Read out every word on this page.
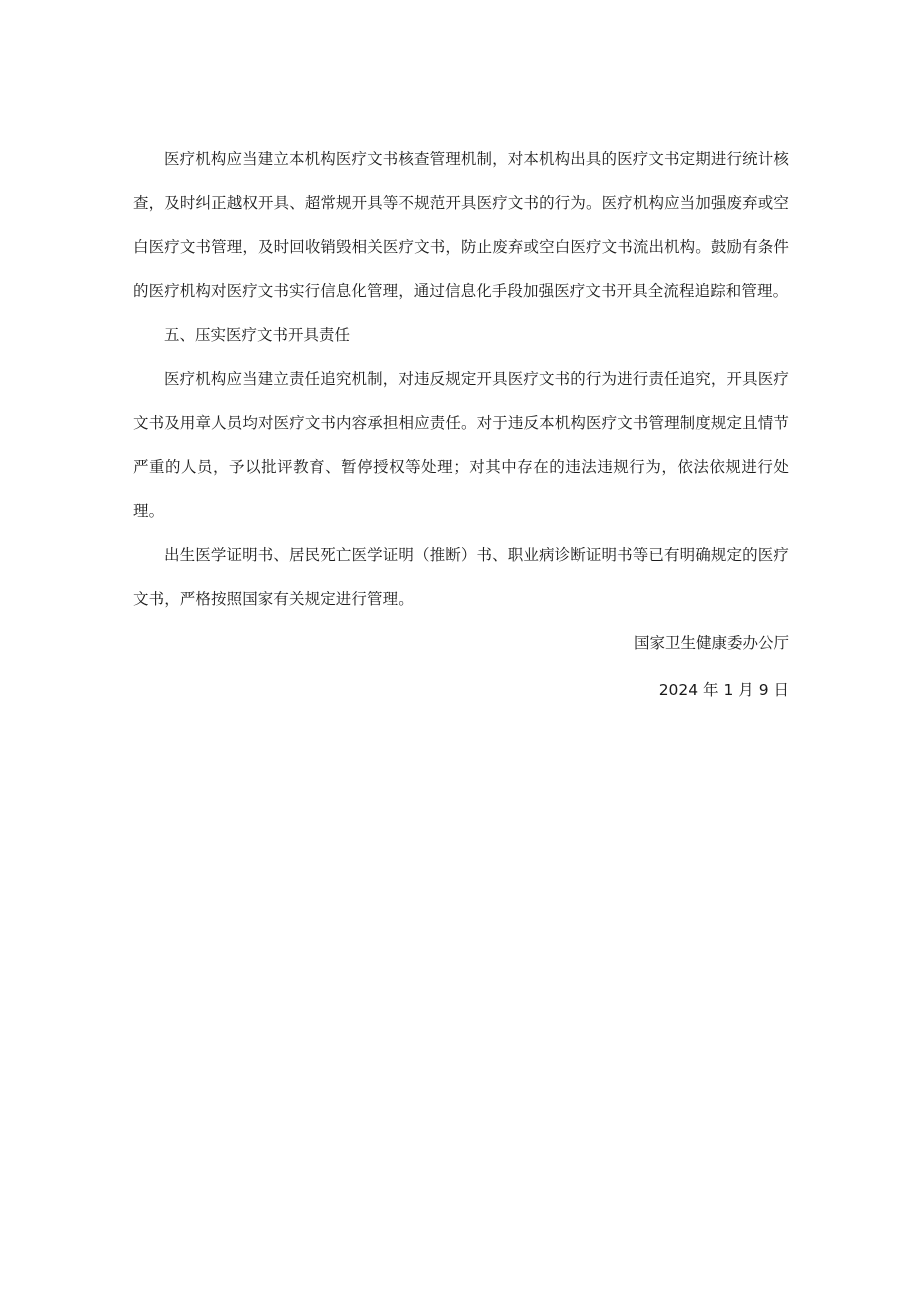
医疗机构应当建立本机构医疗文书核查管理机制，对本机构出具的医疗文书定期进行统计核查，及时纠正越权开具、超常规开具等不规范开具医疗文书的行为。医疗机构应当加强废弃或空白医疗文书管理，及时回收销毁相关医疗文书，防止废弃或空白医疗文书流出机构。鼓励有条件的医疗机构对医疗文书实行信息化管理，通过信息化手段加强医疗文书开具全流程追踪和管理。

五、压实医疗文书开具责任

医疗机构应当建立责任追究机制，对违反规定开具医疗文书的行为进行责任追究，开具医疗文书及用章人员均对医疗文书内容承担相应责任。对于违反本机构医疗文书管理制度规定且情节严重的人员，予以批评教育、暂停授权等处理；对其中存在的违法违规行为，依法依规进行处理。

出生医学证明书、居民死亡医学证明（推断）书、职业病诊断证明书等已有明确规定的医疗文书，严格按照国家有关规定进行管理。

国家卫生健康委办公厅

2024 年 1 月 9 日
